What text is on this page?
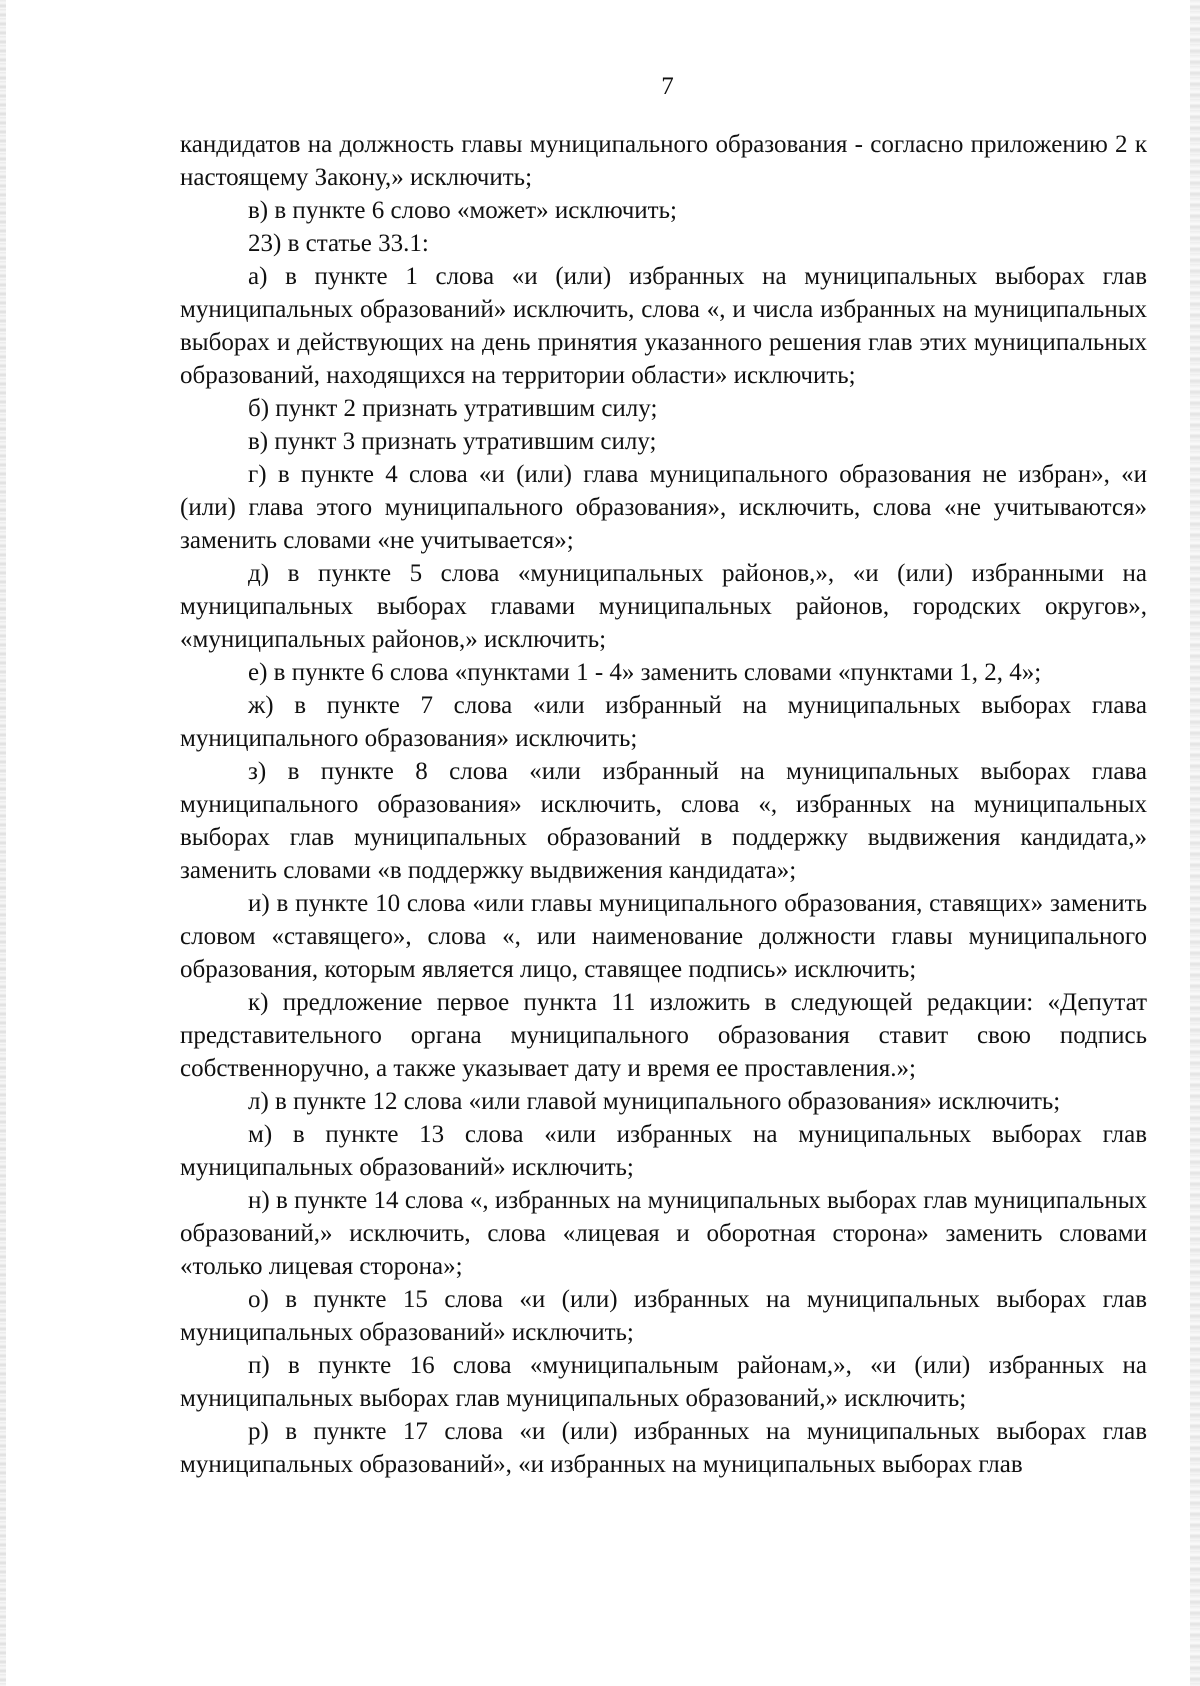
7

кандидатов на должность главы муниципального образования - согласно приложению 2 к настоящему Закону,» исключить;

в) в пункте 6 слово «может» исключить;

23) в статье 33.1:

а) в пункте 1 слова «и (или) избранных на муниципальных выборах глав муниципальных образований» исключить, слова «, и числа избранных на муниципальных выборах и действующих на день принятия указанного решения глав этих муниципальных образований, находящихся на территории области» исключить;

б) пункт 2 признать утратившим силу;

в) пункт 3 признать утратившим силу;

г) в пункте 4 слова «и (или) глава муниципального образования не избран», «и (или) глава этого муниципального образования», исключить, слова «не учитываются» заменить словами «не учитывается»;

д) в пункте 5 слова «муниципальных районов,», «и (или) избранными на муниципальных выборах главами муниципальных районов, городских округов», «муниципальных районов,» исключить;

е) в пункте 6 слова «пунктами 1 - 4» заменить словами «пунктами 1, 2, 4»;

ж) в пункте 7 слова «или избранный на муниципальных выборах глава муниципального образования» исключить;

з) в пункте 8 слова «или избранный на муниципальных выборах глава муниципального образования» исключить, слова «, избранных на муниципальных выборах глав муниципальных образований в поддержку выдвижения кандидата,» заменить словами «в поддержку выдвижения кандидата»;

и) в пункте 10 слова «или главы муниципального образования, ставящих» заменить словом «ставящего», слова «, или наименование должности главы муниципального образования, которым является лицо, ставящее подпись» исключить;

к) предложение первое пункта 11 изложить в следующей редакции: «Депутат представительного органа муниципального образования ставит свою подпись собственноручно, а также указывает дату и время ее проставления.»;

л) в пункте 12 слова «или главой муниципального образования» исключить;

м) в пункте 13 слова «или избранных на муниципальных выборах глав муниципальных образований» исключить;

н) в пункте 14 слова «, избранных на муниципальных выборах глав муниципальных образований,» исключить, слова «лицевая и оборотная сторона» заменить словами «только лицевая сторона»;

о) в пункте 15 слова «и (или) избранных на муниципальных выборах глав муниципальных образований» исключить;

п) в пункте 16 слова «муниципальным районам,», «и (или) избранных на муниципальных выборах глав муниципальных образований,» исключить;

р) в пункте 17 слова «и (или) избранных на муниципальных выборах глав муниципальных образований», «и избранных на муниципальных выборах глав
